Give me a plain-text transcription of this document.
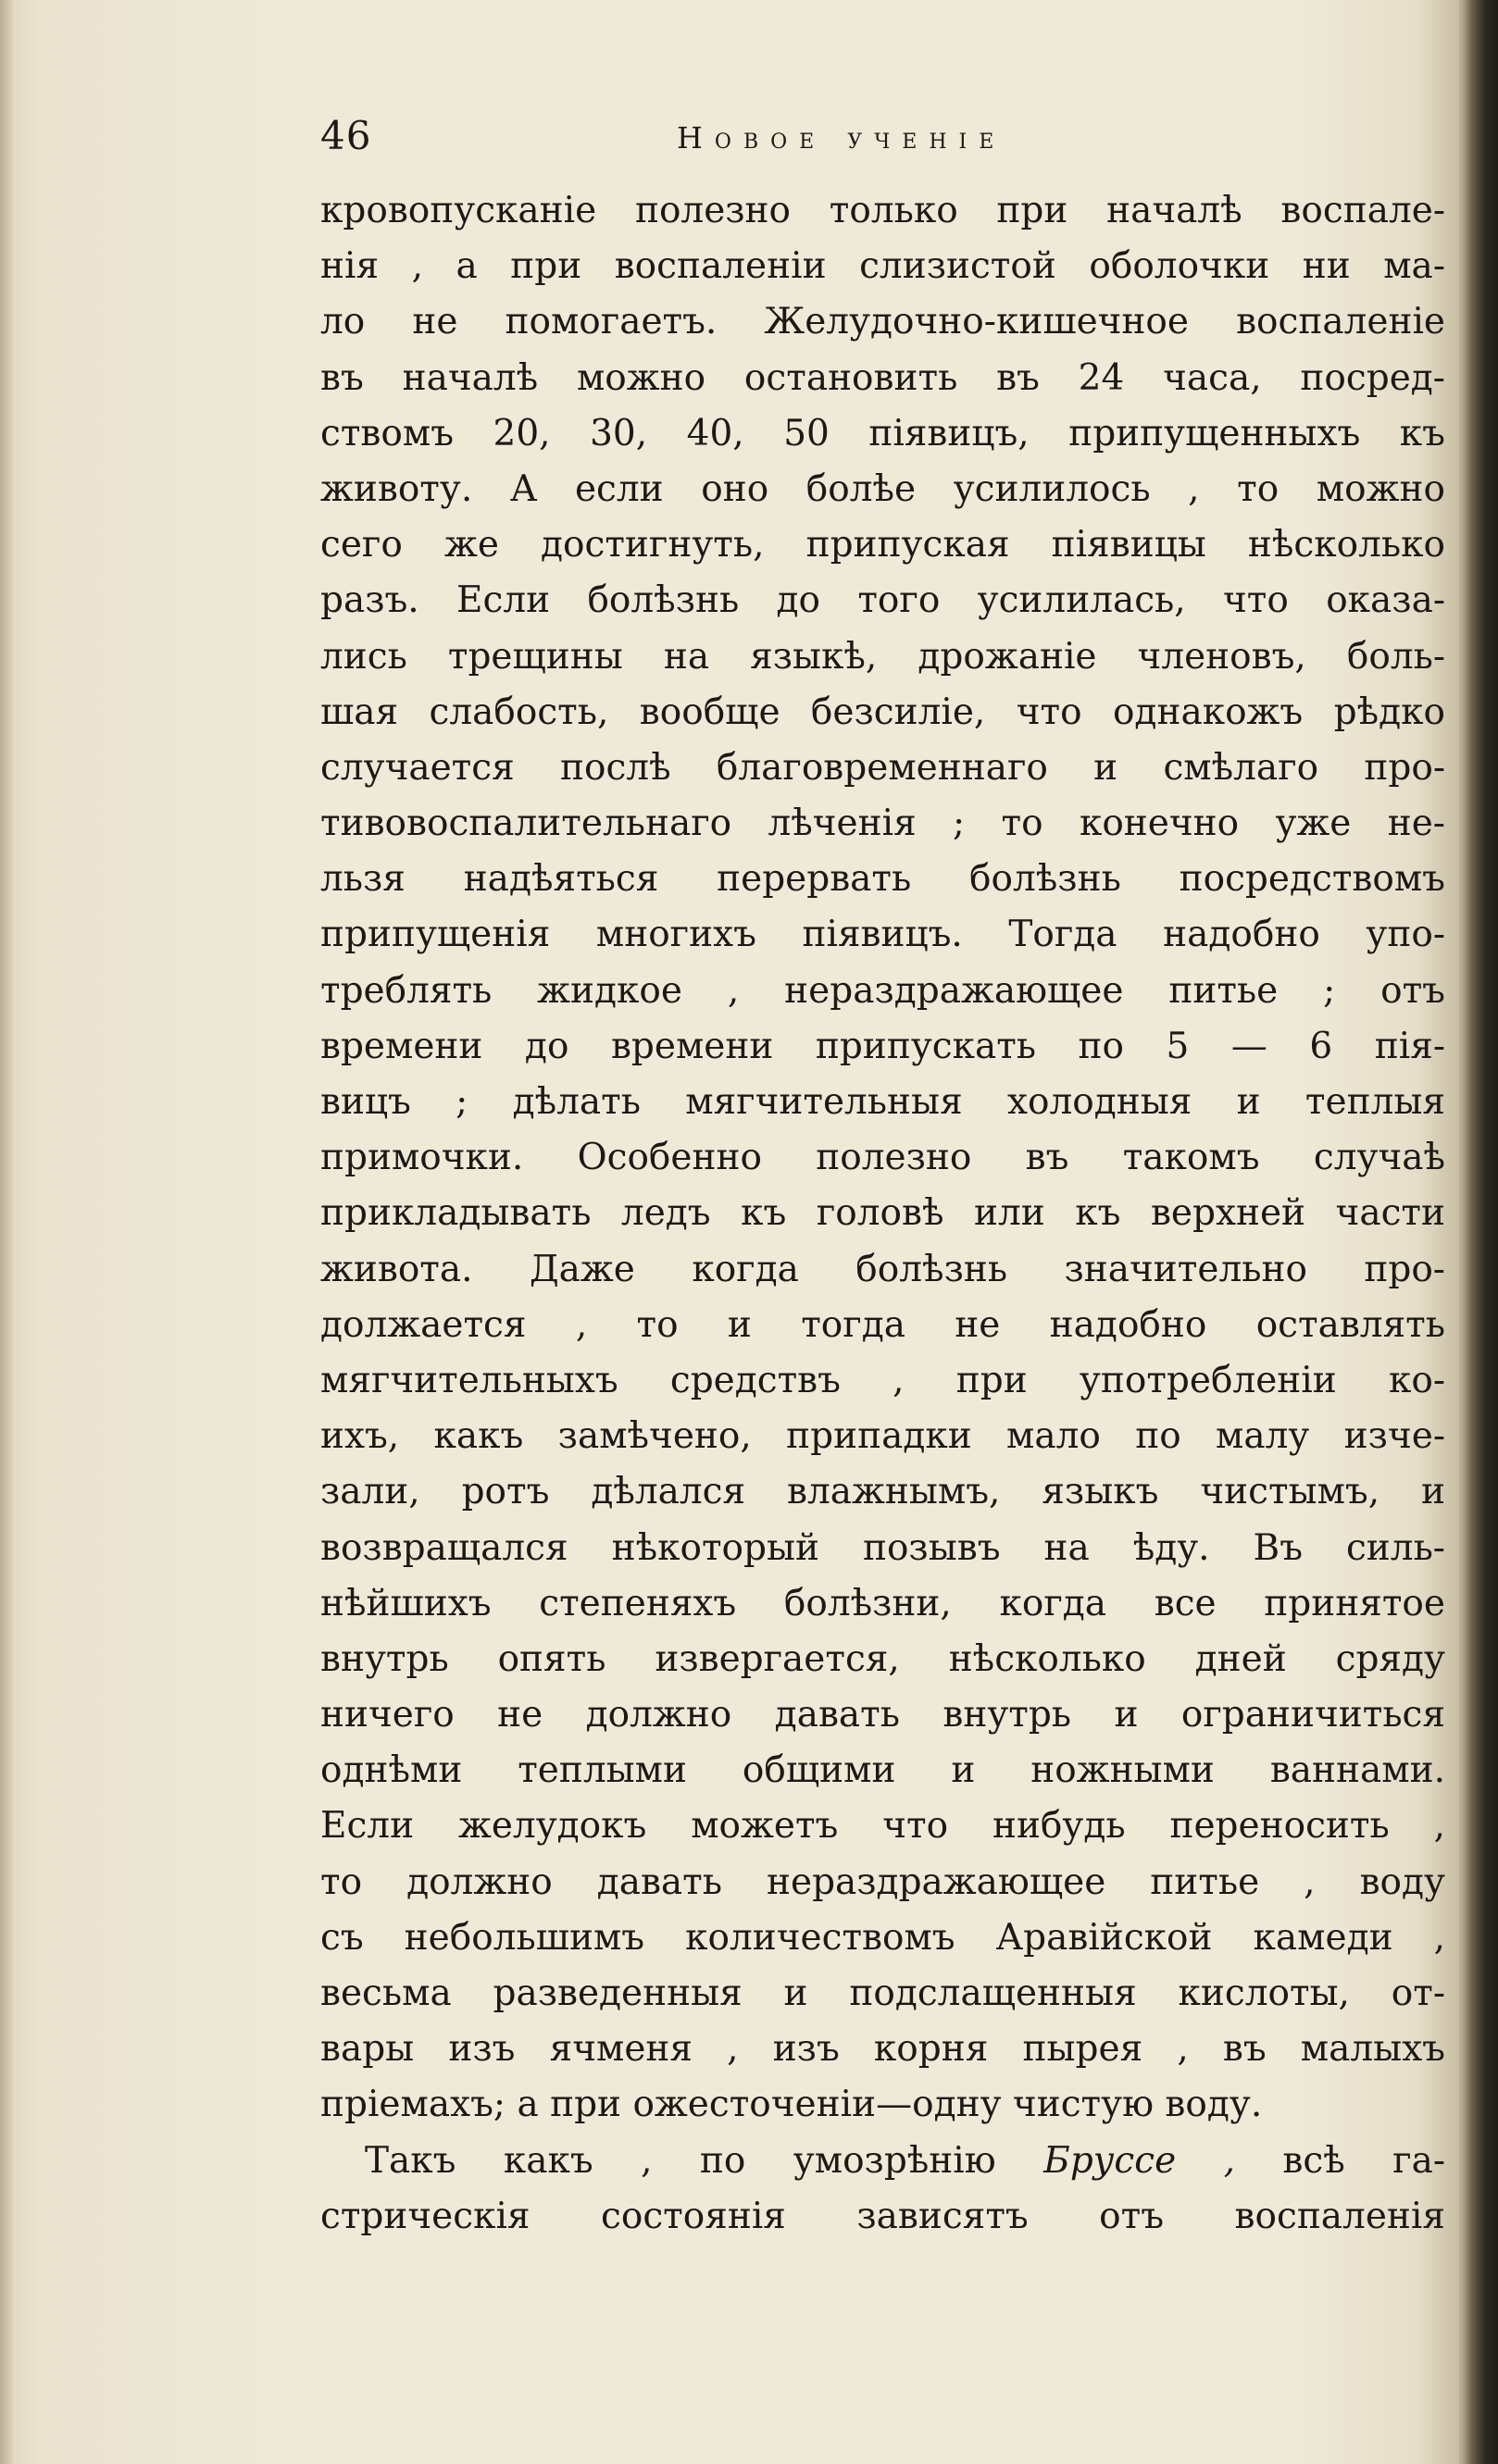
46	Новое ученіе
кровопусканіе полезно только при началѣ воспале-
нія , а при воспаленіи слизистой оболочки ни ма-
ло не помогаетъ. Желудочно-кишечное воспаленіе
въ началѣ можно остановить въ 24 часа, посред-
ствомъ 20, 30, 40, 50 піявицъ, припущенныхъ къ
животу. А если оно болѣе усилилось , то можно
сего же достигнуть, припуская піявицы нѣсколько
разъ. Если болѣзнь до того усилилась, что оказа-
лись трещины на языкѣ, дрожаніе членовъ, боль-
шая слабость, вообще безсиліе, что однакожъ рѣдко
случается послѣ благовременнаго и смѣлаго про-
тивовоспалительнаго лѣченія ; то конечно уже не-
льзя надѣяться перервать болѣзнь посредствомъ
припущенія многихъ піявицъ. Тогда надобно упо-
треблять жидкое , нераздражающее питье ; отъ
времени до времени припускать по 5 — 6 пія-
вицъ ; дѣлать мягчительныя холодныя и теплыя
примочки. Особенно полезно въ такомъ случаѣ
прикладывать ледъ къ головѣ или къ верхней части
живота. Даже когда болѣзнь значительно про-
должается , то и тогда не надобно оставлять
мягчительныхъ средствъ , при употребленіи ко-
ихъ, какъ замѣчено, припадки мало по малу изче-
зали, ротъ дѣлался влажнымъ, языкъ чистымъ, и
возвращался нѣкоторый позывъ на ѣду. Въ силь-
нѣйшихъ степеняхъ болѣзни, когда все принятое
внутрь опять извергается, нѣсколько дней сряду
ничего не должно давать внутрь и ограничиться
однѣми теплыми общими и ножными ваннами.
Если желудокъ можетъ что нибудь переносить ,
то должно давать нераздражающее питье , воду
съ небольшимъ количествомъ Аравійской камеди ,
весьма разведенныя и подслащенныя кислоты, от-
вары изъ ячменя , изъ корня пырея , въ малыхъ
пріемахъ; а при ожесточеніи—одну чистую воду.
Такъ какъ , по умозрѣнію Бруссе , всѣ га-
стрическія состоянія зависятъ отъ воспаленія
